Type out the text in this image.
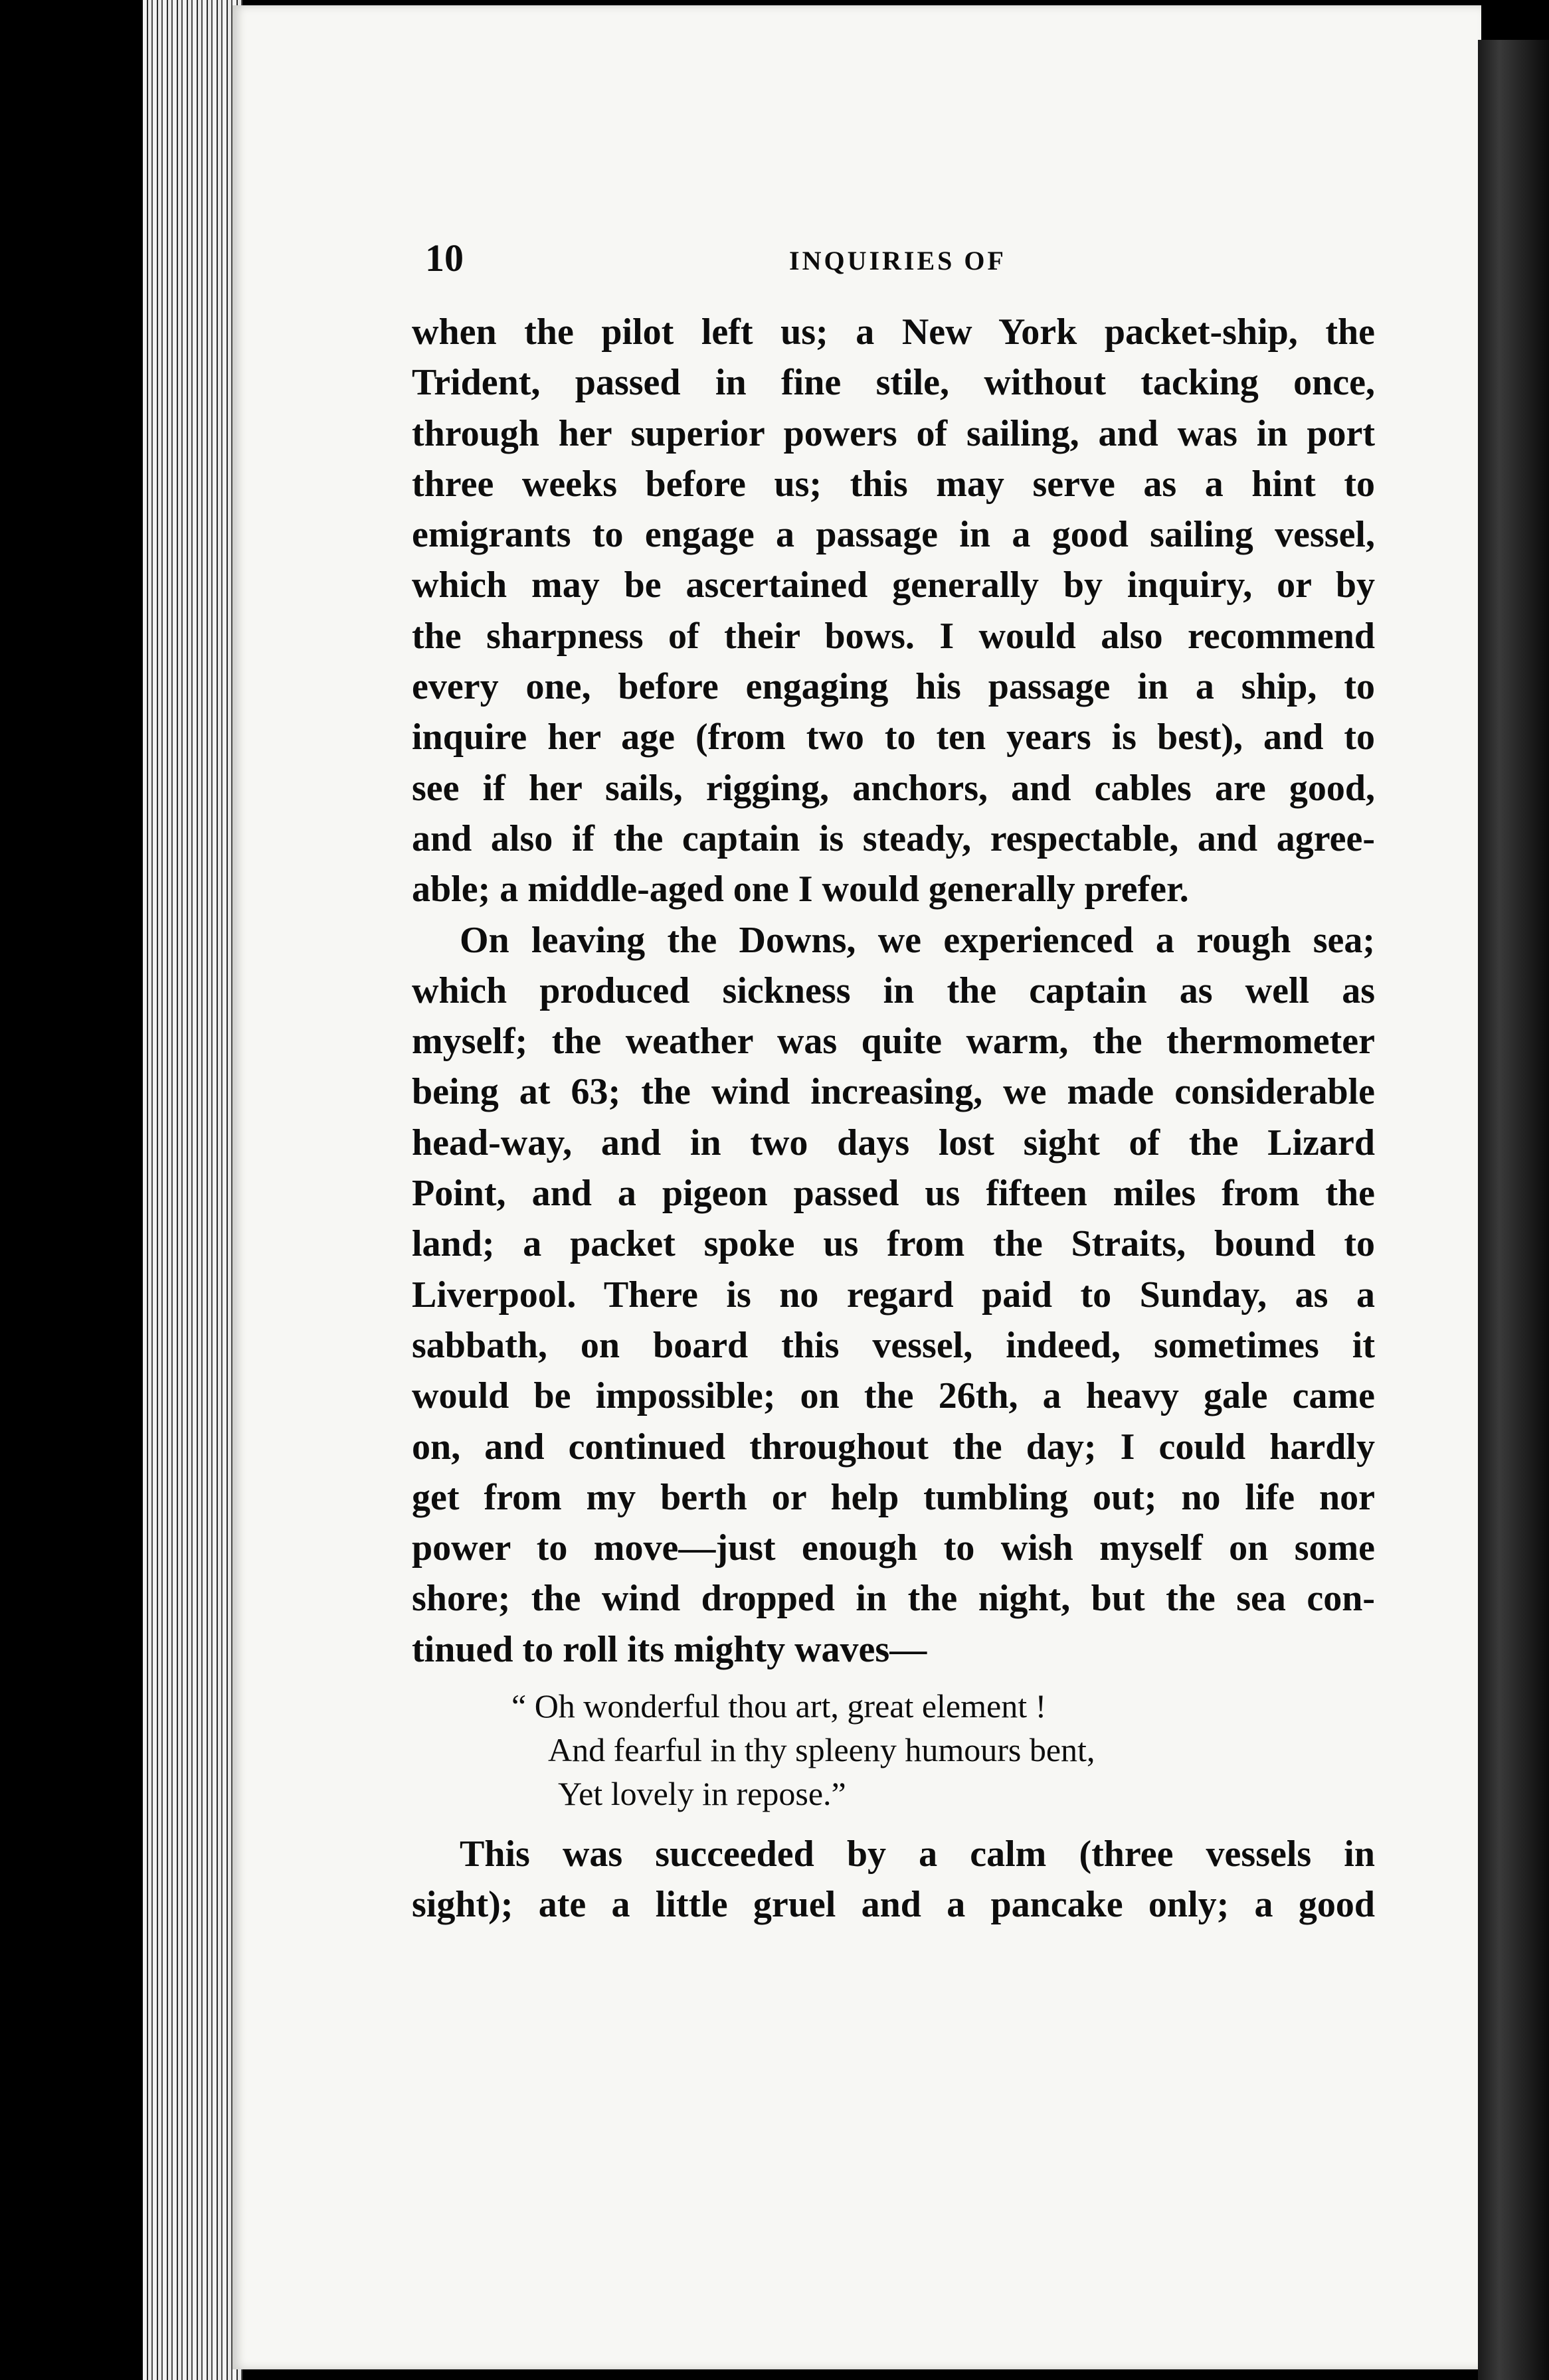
10	INQUIRIES OF
when the pilot left us; a New York packet-ship, the
Trident, passed in fine stile, without tacking once,
through her superior powers of sailing, and was in port
three weeks before us; this may serve as a hint to
emigrants to engage a passage in a good sailing vessel,
which may be ascertained generally by inquiry, or by
the sharpness of their bows. I would also recommend
every one, before engaging his passage in a ship, to
inquire her age (from two to ten years is best), and to
see if her sails, rigging, anchors, and cables are good,
and also if the captain is steady, respectable, and agree-
able; a middle-aged one I would generally prefer.
On leaving the Downs, we experienced a rough sea;
which produced sickness in the captain as well as
myself; the weather was quite warm, the thermometer
being at 63; the wind increasing, we made considerable
head-way, and in two days lost sight of the Lizard
Point, and a pigeon passed us fifteen miles from the
land; a packet spoke us from the Straits, bound to
Liverpool. There is no regard paid to Sunday, as a
sabbath, on board this vessel, indeed, sometimes it
would be impossible; on the 26th, a heavy gale came
on, and continued throughout the day; I could hardly
get from my berth or help tumbling out; no life nor
power to move—just enough to wish myself on some
shore; the wind dropped in the night, but the sea con-
tinued to roll its mighty waves—
“ Oh wonderful thou art, great element !
And fearful in thy spleeny humours bent,
Yet lovely in repose.”
This was succeeded by a calm (three vessels in
sight); ate a little gruel and a pancake only; a good
